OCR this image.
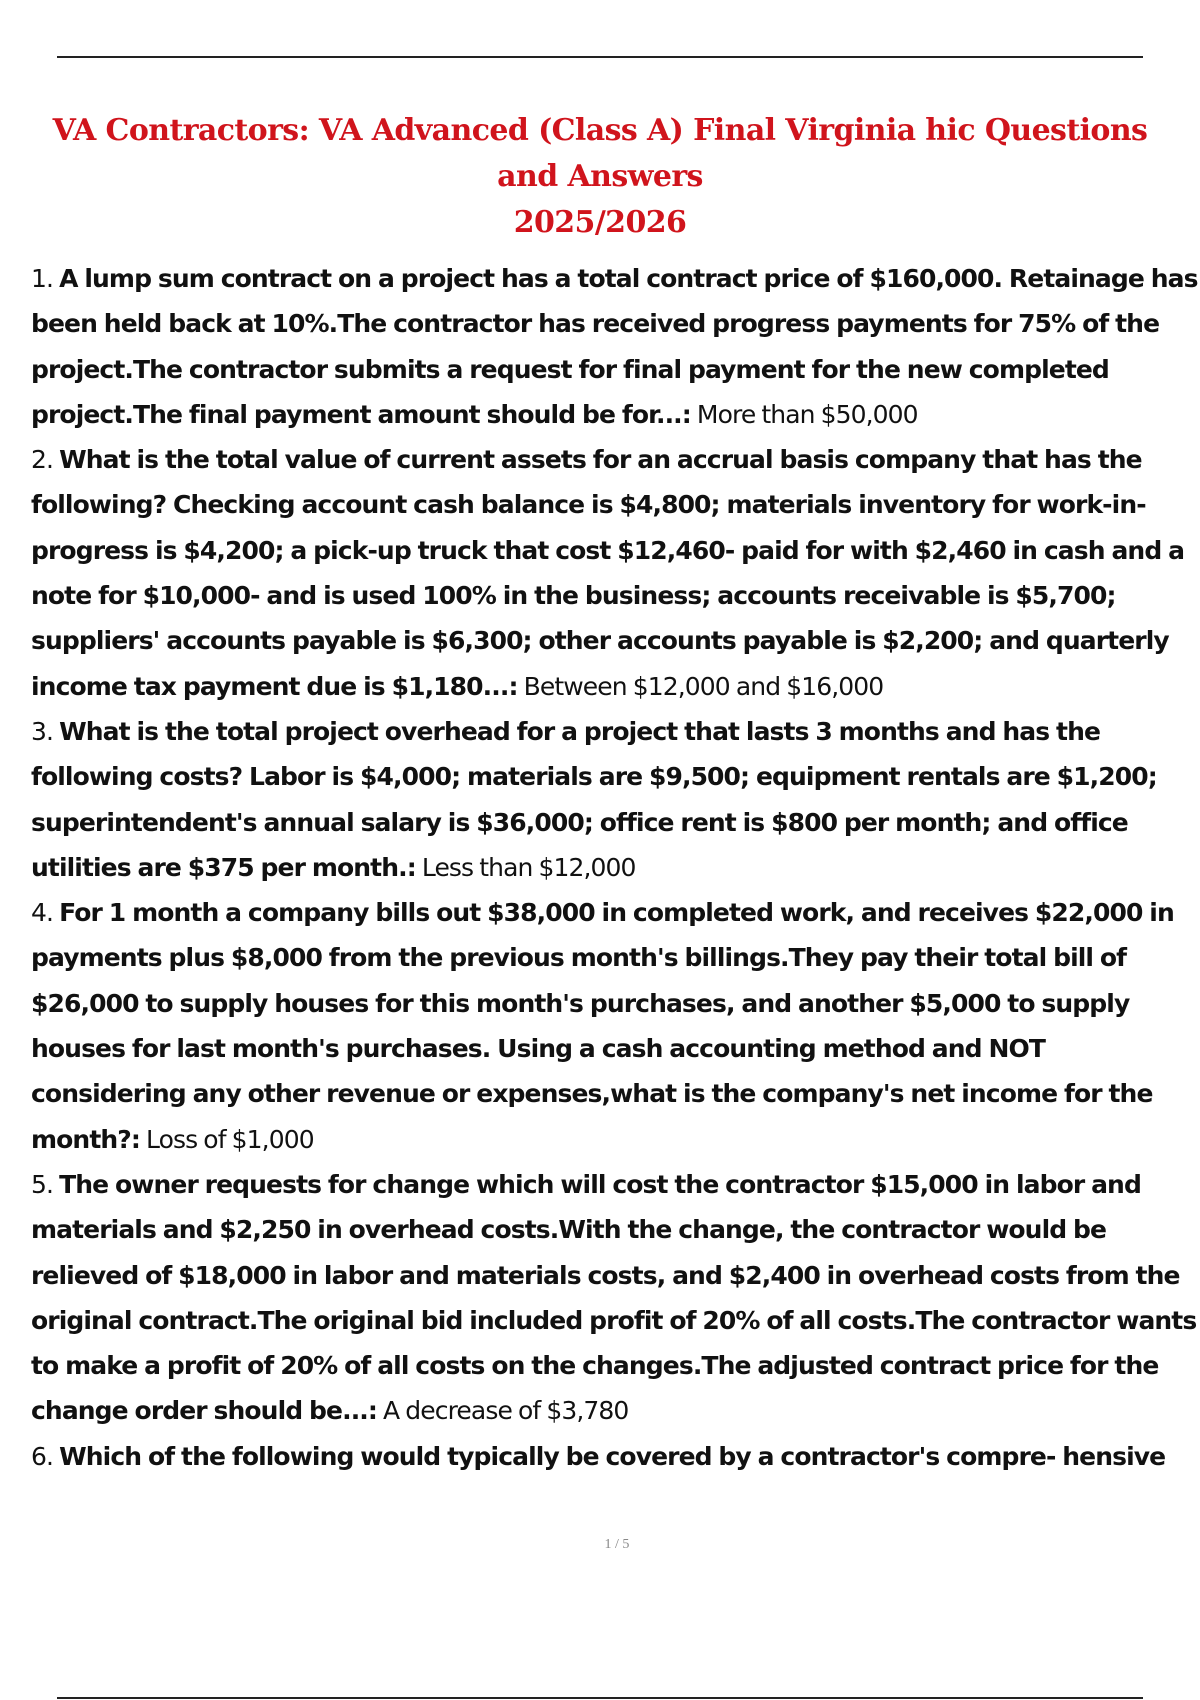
VA Contractors: VA Advanced (Class A) Final Virginia hic Questions and Answers
2025/2026

1. A lump sum contract on a project has a total contract price of $160,000. Retainage has been held back at 10%.The contractor has received progress payments for 75% of the project.The contractor submits a request for final payment for the new completed project.The final payment amount should be for...: More than $50,000

2. What is the total value of current assets for an accrual basis company that has the following? Checking account cash balance is $4,800; materials inventory for work-in-progress is $4,200; a pick-up truck that cost $12,460- paid for with $2,460 in cash and a note for $10,000- and is used 100% in the business; accounts receivable is $5,700; suppliers' accounts payable is $6,300; other accounts payable is $2,200; and quarterly income tax payment due is $1,180...: Between $12,000 and $16,000

3. What is the total project overhead for a project that lasts 3 months and has the following costs? Labor is $4,000; materials are $9,500; equipment rentals are $1,200; superintendent's annual salary is $36,000; office rent is $800 per month; and office utilities are $375 per month.: Less than $12,000

4. For 1 month a company bills out $38,000 in completed work, and receives $22,000 in payments plus $8,000 from the previous month's billings.They pay their total bill of $26,000 to supply houses for this month's purchases, and another $5,000 to supply houses for last month's purchases. Using a cash accounting method and NOT considering any other revenue or expenses,what is the company's net income for the month?: Loss of $1,000

5. The owner requests for change which will cost the contractor $15,000 in labor and materials and $2,250 in overhead costs.With the change, the contractor would be relieved of $18,000 in labor and materials costs, and $2,400 in overhead costs from the original contract.The original bid included profit of 20% of all costs.The contractor wants to make a profit of 20% of all costs on the changes.The adjusted contract price for the change order should be...: A decrease of $3,780

6. Which of the following would typically be covered by a contractor's compre- hensive

1 / 5
